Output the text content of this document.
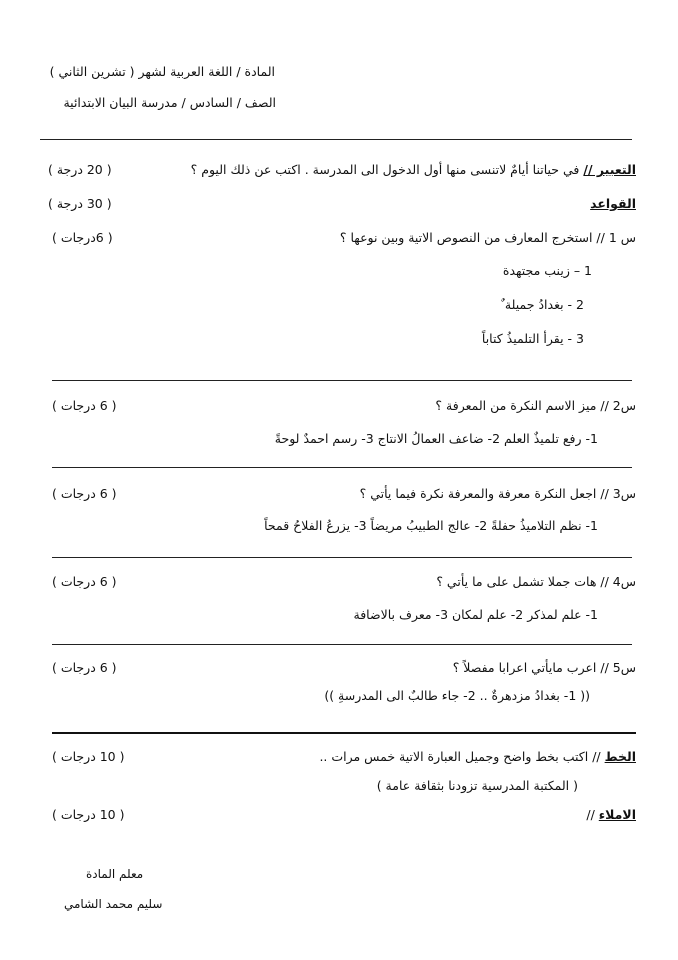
المادة / اللغة العربية لشهر ( تشرين الثاني )
الصف / السادس / مدرسة البيان الابتدائية
التعبير // في حياتنا أيامٌ لاتنسى منها أول الدخول الى المدرسة . اكتب عن ذلك اليوم ؟
( 20 درجة )
القواعد
( 30 درجة )
س 1 // استخرج المعارف من النصوص الاتية وبين نوعها ؟
( 6درجات )
1 – زينب مجتهدة
2 - بغدادُ جميلة ٌ
3 - يقرأ التلميذُ كتاباً
س2 // ميز الاسم النكرة من المعرفة ؟
( 6 درجات )
1- رفع تلميذٌ العلم 2- ضاعف العمالُ الانتاج 3- رسم احمدٌ لوحةً
س3 // اجعل النكرة معرفة والمعرفة نكرة فيما يأتي ؟
( 6 درجات )
1- نظم التلاميذُ حفلةً 2- عالج الطبيبُ مريضاً 3- يزرعُ الفلاحُ قمحاً
س4 // هات جملا تشمل على ما يأتي ؟
( 6 درجات )
1- علم لمذكر 2- علم لمكان 3- معرف بالاضافة
س5 // اعرب مايأتي اعرابا مفصلاً ؟
( 6 درجات )
(( 1- بغدادُ مزدهرةٌ .. 2- جاء طالبٌ الى المدرسةِ ))
الخط // اكتب بخط واضح وجميل العبارة الاتية خمس مرات ..
( 10 درجات )
( المكتبة المدرسية تزودنا بثقافة عامة )
الاملاء //
( 10 درجات )
معلم المادة
سليم محمد الشامي
